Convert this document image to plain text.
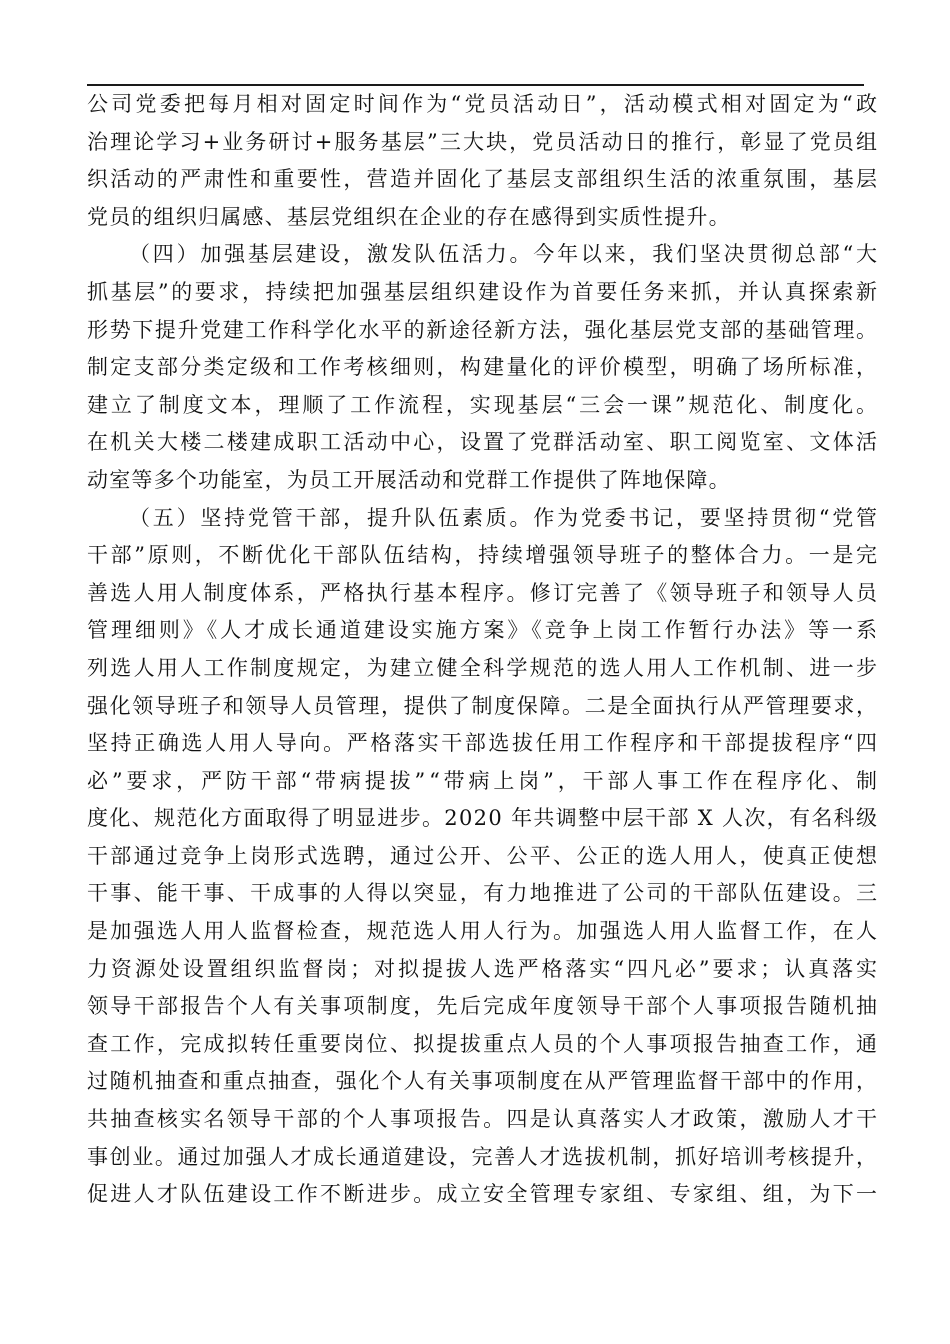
公司党委把每月相对固定时间作为“党员活动日”，活动模式相对固定为“政
治理论学习+业务研讨+服务基层”三大块，党员活动日的推行，彰显了党员组
织活动的严肃性和重要性，营造并固化了基层支部组织生活的浓重氛围，基层
党员的组织归属感、基层党组织在企业的存在感得到实质性提升。
（四）加强基层建设，激发队伍活力。今年以来，我们坚决贯彻总部“大
抓基层”的要求，持续把加强基层组织建设作为首要任务来抓，并认真探索新
形势下提升党建工作科学化水平的新途径新方法，强化基层党支部的基础管理。
制定支部分类定级和工作考核细则，构建量化的评价模型，明确了场所标准，
建立了制度文本，理顺了工作流程，实现基层“三会一课”规范化、制度化。
在机关大楼二楼建成职工活动中心，设置了党群活动室、职工阅览室、文体活
动室等多个功能室，为员工开展活动和党群工作提供了阵地保障。
（五）坚持党管干部，提升队伍素质。作为党委书记，要坚持贯彻“党管
干部”原则，不断优化干部队伍结构，持续增强领导班子的整体合力。一是完
善选人用人制度体系，严格执行基本程序。修订完善了《领导班子和领导人员
管理细则》《人才成长通道建设实施方案》《竞争上岗工作暂行办法》等一系
列选人用人工作制度规定，为建立健全科学规范的选人用人工作机制、进一步
强化领导班子和领导人员管理，提供了制度保障。二是全面执行从严管理要求，
坚持正确选人用人导向。严格落实干部选拔任用工作程序和干部提拔程序“四
必”要求，严防干部“带病提拔”“带病上岗”，干部人事工作在程序化、制
度化、规范化方面取得了明显进步。2020 年共调整中层干部 X 人次，有名科级
干部通过竞争上岗形式选聘，通过公开、公平、公正的选人用人，使真正使想
干事、能干事、干成事的人得以突显，有力地推进了公司的干部队伍建设。三
是加强选人用人监督检查，规范选人用人行为。加强选人用人监督工作，在人
力资源处设置组织监督岗；对拟提拔人选严格落实“四凡必”要求；认真落实
领导干部报告个人有关事项制度，先后完成年度领导干部个人事项报告随机抽
查工作，完成拟转任重要岗位、拟提拔重点人员的个人事项报告抽查工作，通
过随机抽查和重点抽查，强化个人有关事项制度在从严管理监督干部中的作用，
共抽查核实名领导干部的个人事项报告。四是认真落实人才政策，激励人才干
事创业。通过加强人才成长通道建设，完善人才选拔机制，抓好培训考核提升，
促进人才队伍建设工作不断进步。成立安全管理专家组、专家组、组，为下一
